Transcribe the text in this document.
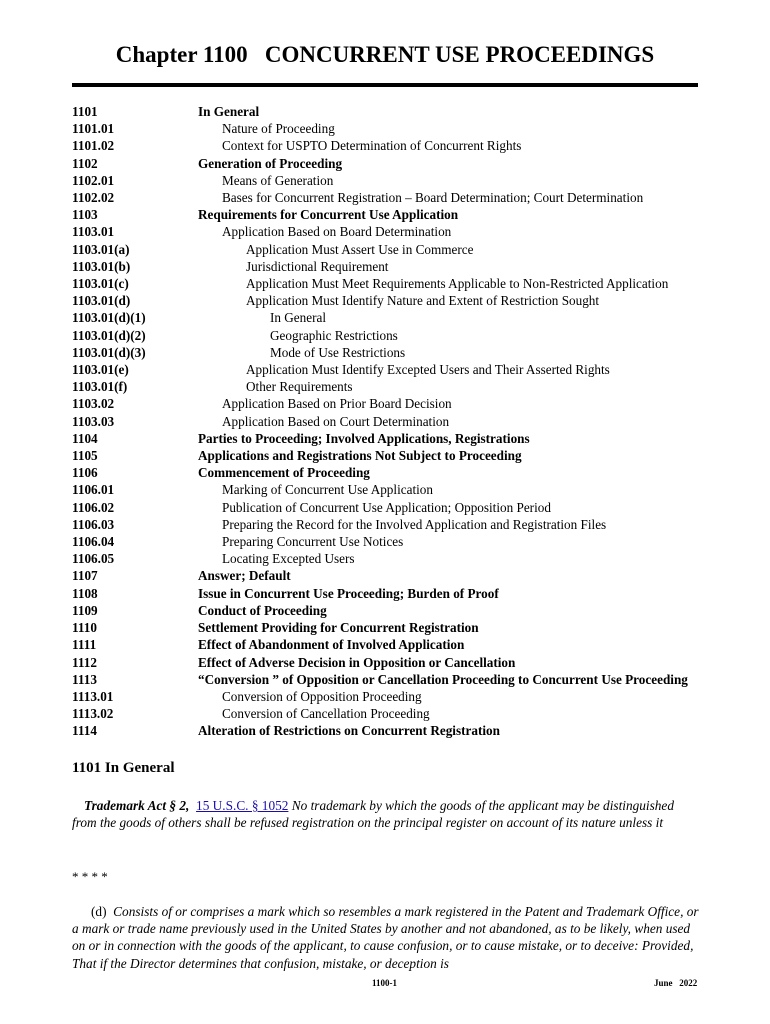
Chapter 1100   CONCURRENT USE PROCEEDINGS
1101	In General
1101.01	Nature of Proceeding
1101.02	Context for USPTO Determination of Concurrent Rights
1102	Generation of Proceeding
1102.01	Means of Generation
1102.02	Bases for Concurrent Registration – Board Determination; Court Determination
1103	Requirements for Concurrent Use Application
1103.01	Application Based on Board Determination
1103.01(a)	Application Must Assert Use in Commerce
1103.01(b)	Jurisdictional Requirement
1103.01(c)	Application Must Meet Requirements Applicable to Non-Restricted Application
1103.01(d)	Application Must Identify Nature and Extent of Restriction Sought
1103.01(d)(1)	In General
1103.01(d)(2)	Geographic Restrictions
1103.01(d)(3)	Mode of Use Restrictions
1103.01(e)	Application Must Identify Excepted Users and Their Asserted Rights
1103.01(f)	Other Requirements
1103.02	Application Based on Prior Board Decision
1103.03	Application Based on Court Determination
1104	Parties to Proceeding; Involved Applications, Registrations
1105	Applications and Registrations Not Subject to Proceeding
1106	Commencement of Proceeding
1106.01	Marking of Concurrent Use Application
1106.02	Publication of Concurrent Use Application; Opposition Period
1106.03	Preparing the Record for the Involved Application and Registration Files
1106.04	Preparing Concurrent Use Notices
1106.05	Locating Excepted Users
1107	Answer; Default
1108	Issue in Concurrent Use Proceeding; Burden of Proof
1109	Conduct of Proceeding
1110	Settlement Providing for Concurrent Registration
1111	Effect of Abandonment of Involved Application
1112	Effect of Adverse Decision in Opposition or Cancellation
1113	“Conversion ” of Opposition or Cancellation Proceeding to Concurrent Use Proceeding
1113.01	Conversion of Opposition Proceeding
1113.02	Conversion of Cancellation Proceeding
1114	Alteration of Restrictions on Concurrent Registration
1101 In General
Trademark Act § 2, 15 U.S.C. § 1052 No trademark by which the goods of the applicant may be distinguished from the goods of others shall be refused registration on the principal register on account of its nature unless it
* * * *
(d) Consists of or comprises a mark which so resembles a mark registered in the Patent and Trademark Office, or a mark or trade name previously used in the United States by another and not abandoned, as to be likely, when used on or in connection with the goods of the applicant, to cause confusion, or to cause mistake, or to deceive: Provided, That if the Director determines that confusion, mistake, or deception is
1100-1	June   2022
